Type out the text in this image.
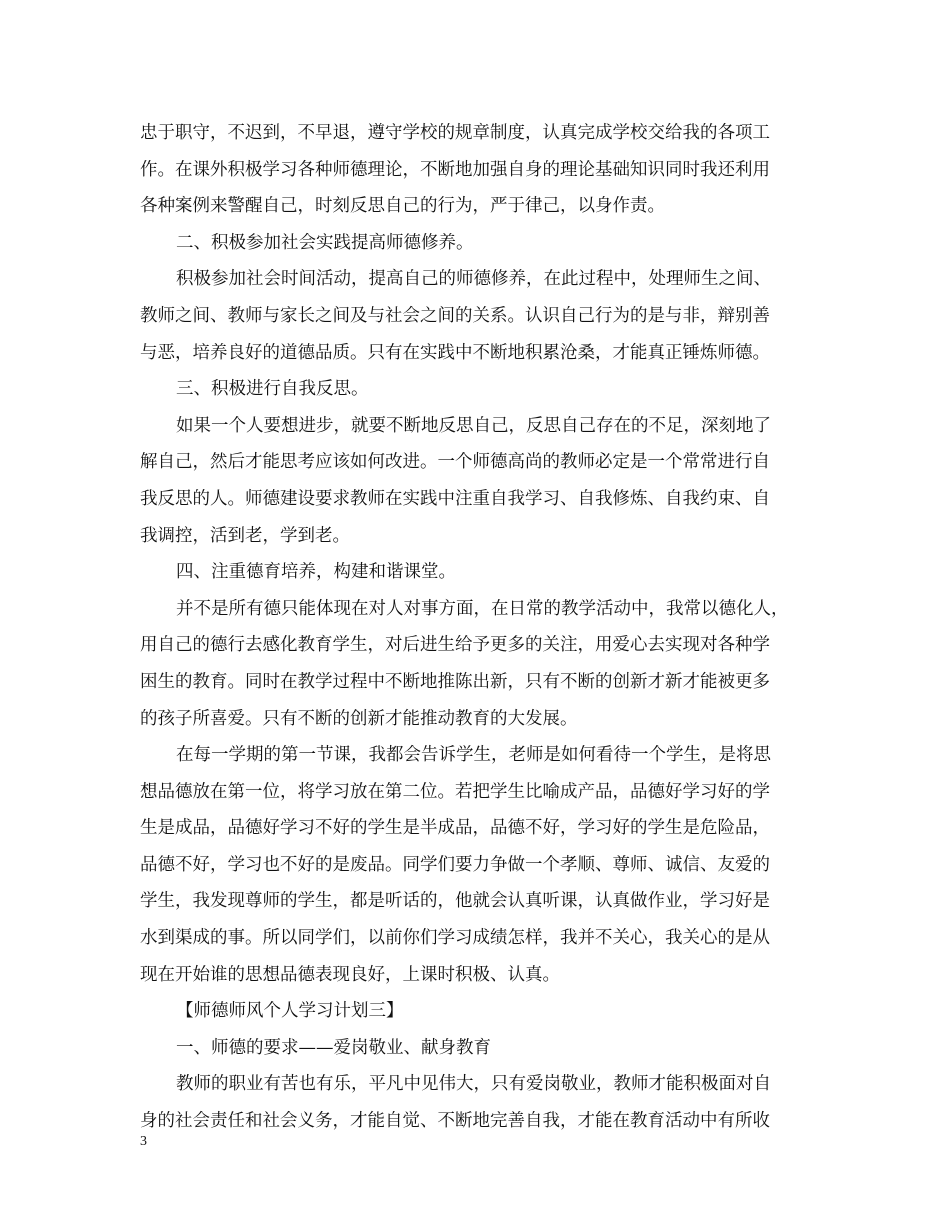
忠于职守，不迟到，不早退，遵守学校的规章制度，认真完成学校交给我的各项工
作。在课外积极学习各种师德理论，不断地加强自身的理论基础知识同时我还利用
各种案例来警醒自己，时刻反思自己的行为，严于律己，以身作责。
二、积极参加社会实践提高师德修养。
积极参加社会时间活动，提高自己的师德修养，在此过程中，处理师生之间、
教师之间、教师与家长之间及与社会之间的关系。认识自己行为的是与非，辩别善
与恶，培养良好的道德品质。只有在实践中不断地积累沧桑，才能真正锤炼师德。
三、积极进行自我反思。
如果一个人要想进步，就要不断地反思自己，反思自己存在的不足，深刻地了
解自己，然后才能思考应该如何改进。一个师德高尚的教师必定是一个常常进行自
我反思的人。师德建设要求教师在实践中注重自我学习、自我修炼、自我约束、自
我调控，活到老，学到老。
四、注重德育培养，构建和谐课堂。
并不是所有德只能体现在对人对事方面，在日常的教学活动中，我常以德化人，
用自己的德行去感化教育学生，对后进生给予更多的关注，用爱心去实现对各种学
困生的教育。同时在教学过程中不断地推陈出新，只有不断的创新才新才能被更多
的孩子所喜爱。只有不断的创新才能推动教育的大发展。
在每一学期的第一节课，我都会告诉学生，老师是如何看待一个学生，是将思
想品德放在第一位，将学习放在第二位。若把学生比喻成产品，品德好学习好的学
生是成品，品德好学习不好的学生是半成品，品德不好，学习好的学生是危险品，
品德不好，学习也不好的是废品。同学们要力争做一个孝顺、尊师、诚信、友爱的
学生，我发现尊师的学生，都是听话的，他就会认真听课，认真做作业，学习好是
水到渠成的事。所以同学们，以前你们学习成绩怎样，我并不关心，我关心的是从
现在开始谁的思想品德表现良好，上课时积极、认真。
【师德师风个人学习计划三】
一、师德的要求——爱岗敬业、献身教育
教师的职业有苦也有乐，平凡中见伟大，只有爱岗敬业，教师才能积极面对自
身的社会责任和社会义务，才能自觉、不断地完善自我，才能在教育活动中有所收
3
